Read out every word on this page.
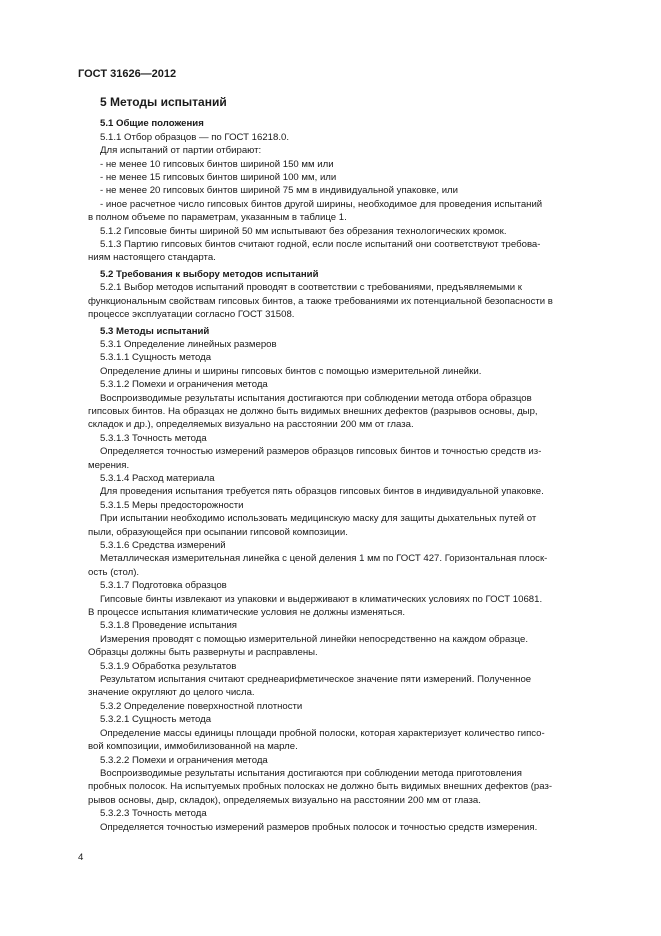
ГОСТ 31626—2012
5 Методы испытаний
5.1 Общие положения
5.1.1 Отбор образцов — по ГОСТ 16218.0.
Для испытаний от партии отбирают:
- не менее 10 гипсовых бинтов шириной 150 мм или
- не менее 15 гипсовых бинтов шириной 100 мм, или
- не менее 20 гипсовых бинтов шириной 75 мм в индивидуальной упаковке, или
- иное расчетное число гипсовых бинтов другой ширины, необходимое для проведения испытаний
в полном объеме по параметрам, указанным в таблице 1.
5.1.2 Гипсовые бинты шириной 50 мм испытывают без обрезания технологических кромок.
5.1.3 Партию гипсовых бинтов считают годной, если после испытаний они соответствуют требова-
ниям настоящего стандарта.
5.2 Требования к выбору методов испытаний
5.2.1 Выбор методов испытаний проводят в соответствии с требованиями, предъявляемыми к
функциональным свойствам гипсовых бинтов, а также требованиями их потенциальной безопасности в
процессе эксплуатации согласно ГОСТ 31508.
5.3 Методы испытаний
5.3.1 Определение линейных размеров
5.3.1.1 Сущность метода
Определение длины и ширины гипсовых бинтов с помощью измерительной линейки.
5.3.1.2 Помехи и ограничения метода
Воспроизводимые результаты испытания достигаются при соблюдении метода отбора образцов
гипсовых бинтов. На образцах не должно быть видимых внешних дефектов (разрывов основы, дыр,
складок и др.), определяемых визуально на расстоянии 200 мм от глаза.
5.3.1.3 Точность метода
Определяется точностью измерений размеров образцов гипсовых бинтов и точностью средств из-
мерения.
5.3.1.4 Расход материала
Для проведения испытания требуется пять образцов гипсовых бинтов в индивидуальной упаковке.
5.3.1.5 Меры предосторожности
При испытании необходимо использовать медицинскую маску для защиты дыхательных путей от
пыли, образующейся при осыпании гипсовой композиции.
5.3.1.6 Средства измерений
Металлическая измерительная линейка с ценой деления 1 мм по ГОСТ 427. Горизонтальная плоск-
ость (стол).
5.3.1.7 Подготовка образцов
Гипсовые бинты извлекают из упаковки и выдерживают в климатических условиях по ГОСТ 10681.
В процессе испытания климатические условия не должны изменяться.
5.3.1.8 Проведение испытания
Измерения проводят с помощью измерительной линейки непосредственно на каждом образце.
Образцы должны быть развернуты и расправлены.
5.3.1.9 Обработка результатов
Результатом испытания считают среднеарифметическое значение пяти измерений. Полученное
значение округляют до целого числа.
5.3.2 Определение поверхностной плотности
5.3.2.1 Сущность метода
Определение массы единицы площади пробной полоски, которая характеризует количество гипсо-
вой композиции, иммобилизованной на марле.
5.3.2.2 Помехи и ограничения метода
Воспроизводимые результаты испытания достигаются при соблюдении метода приготовления
пробных полосок. На испытуемых пробных полосках не должно быть видимых внешних дефектов (раз-
рывов основы, дыр, складок), определяемых визуально на расстоянии 200 мм от глаза.
5.3.2.3 Точность метода
Определяется точностью измерений размеров пробных полосок и точностью средств измерения.
4
